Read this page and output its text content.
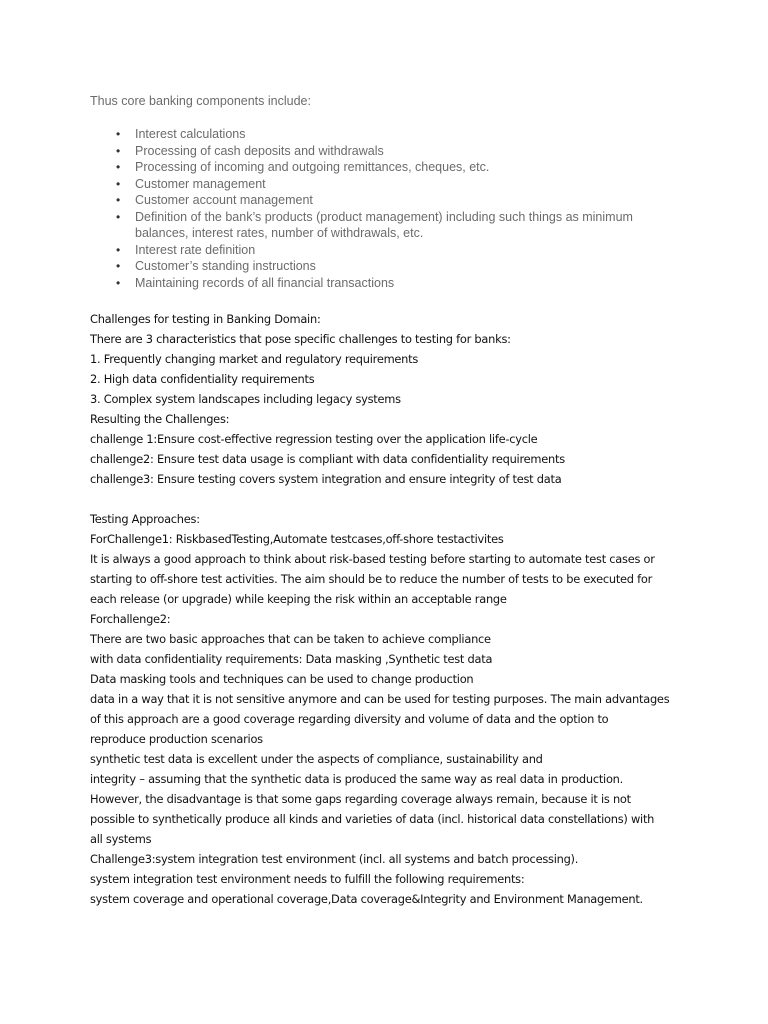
Thus core banking components include:

• Interest calculations
• Processing of cash deposits and withdrawals
• Processing of incoming and outgoing remittances, cheques, etc.
• Customer management
• Customer account management
• Definition of the bank’s products (product management) including such things as minimum
balances, interest rates, number of withdrawals, etc.
• Interest rate definition
• Customer’s standing instructions
• Maintaining records of all financial transactions
Challenges for testing in Banking Domain:
There are 3 characteristics that pose specific challenges to testing for banks:
1. Frequently changing market and regulatory requirements
2. High data confidentiality requirements
3. Complex system landscapes including legacy systems
Resulting the Challenges:
challenge 1:Ensure cost-effective regression testing over the application life-cycle
challenge2: Ensure test data usage is compliant with data confidentiality requirements
challenge3: Ensure testing covers system integration and ensure integrity of test data
Testing Approaches:
ForChallenge1: RiskbasedTesting,Automate testcases,off-shore testactivites
It is always a good approach to think about risk-based testing before starting to automate test cases or
starting to off-shore test activities. The aim should be to reduce the number of tests to be executed for
each release (or upgrade) while keeping the risk within an acceptable range
Forchallenge2:
There are two basic approaches that can be taken to achieve compliance
with data confidentiality requirements: Data masking ,Synthetic test data
Data masking tools and techniques can be used to change production
data in a way that it is not sensitive anymore and can be used for testing purposes. The main advantages
of this approach are a good coverage regarding diversity and volume of data and the option to
reproduce production scenarios
synthetic test data is excellent under the aspects of compliance, sustainability and
integrity – assuming that the synthetic data is produced the same way as real data in production.
However, the disadvantage is that some gaps regarding coverage always remain, because it is not
possible to synthetically produce all kinds and varieties of data (incl. historical data constellations) with
all systems
Challenge3:system integration test environment (incl. all systems and batch processing).
system integration test environment needs to fulfill the following requirements:
system coverage and operational coverage,Data coverage&Integrity and Environment Management.
